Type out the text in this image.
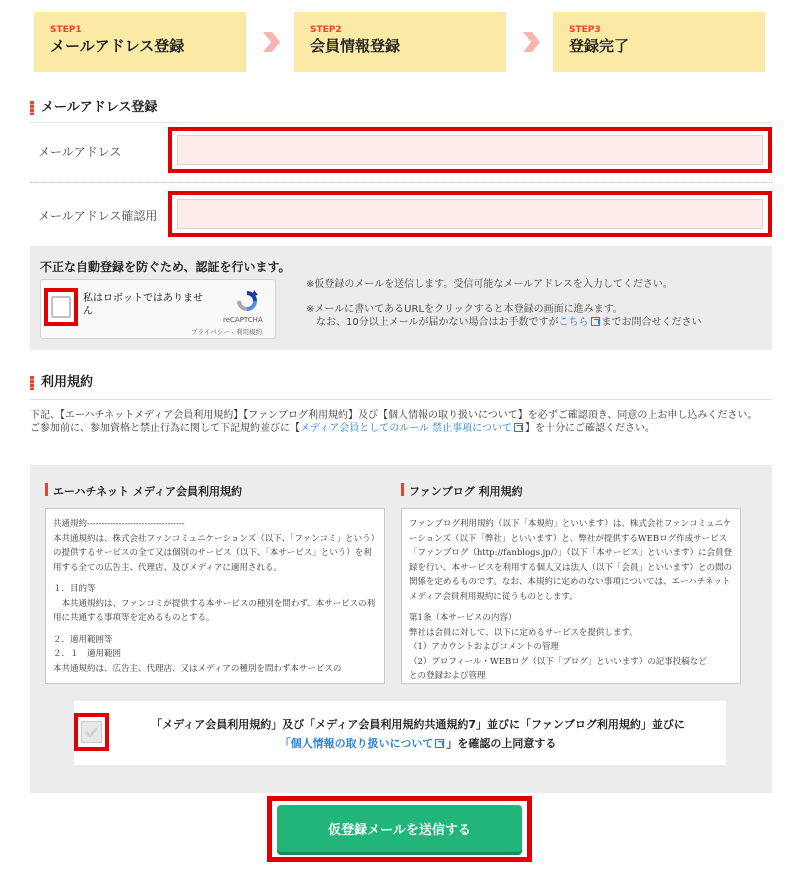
STEP1
メールアドレス登録
STEP2
会員情報登録
STEP3
登録完了
メールアドレス登録
メールアドレス
メールアドレス確認用
不正な自動登録を防ぐため、認証を行います。
私はロボットではありません
reCAPTCHA
プライバシー - 利用規約
※仮登録のメールを送信します。受信可能なメールアドレスを入力してください。
※メールに書いてあるURLをクリックすると本登録の画面に進みます。
　なお、10分以上メールが届かない場合はお手数ですがこちら までお問合せください
利用規約
下記、【エーハチネットメディア会員利用規約】【ファンブログ利用規約】及び【個人情報の取り扱いについて】を必ずご確認頂き、同意の上お申し込みください。
ご参加前に、参加資格と禁止行為に関して下記規約並びに【メディア会員としてのルール 禁止事項について 】を十分にご確認ください。
エーハチネット メディア会員利用規約

共通規約----------------------------------

本共通規約は、株式会社ファンコミュニケーションズ（以下、「ファンコミ」という）の提供するサービスの全て又は個別のサービス（以下、「本サービス」という）を利用する全ての広告主、代理店、及びメディアに適用される。

１．目的等

　本共通規約は、ファンコミが提供する本サービスの種別を問わず、本サービスの利用に共通する事項等を定めるものとする。

２．適用範囲等

２．１　適用範囲

本共通規約は、広告主、代理店、又はメディアの種別を問わず本サービスの

ファンブログ 利用規約

ファンブログ利用規約（以下「本規約」といいます）は、株式会社ファンコミュニケーションズ（以下「弊社」といいます）と、弊社が提供するWEBログ作成サービス「ファンブログ（http://fanblogs.jp/）」（以下「本サービス」といいます）に会員登録を行い、本サービスを利用する個人又は法人（以下「会員」といいます）との間の関係を定めるものです。なお、本規約に定めのない事項については、エーハチネットメディア会員利用規約に従うものとします。

第1条（本サービスの内容）

弊社は会員に対して、以下に定めるサービスを提供します。

（1）アカウントおよびコメントの管理

（2）プロフィール・WEBログ（以下「ブログ」といいます）の記事投稿など

との登録および管理

「メディア会員利用規約」及び「メディア会員利用規約共通規約7」並びに「ファンブログ利用規約」並びに
「個人情報の取り扱いについて 」を確認の上同意する
仮登録メールを送信する
